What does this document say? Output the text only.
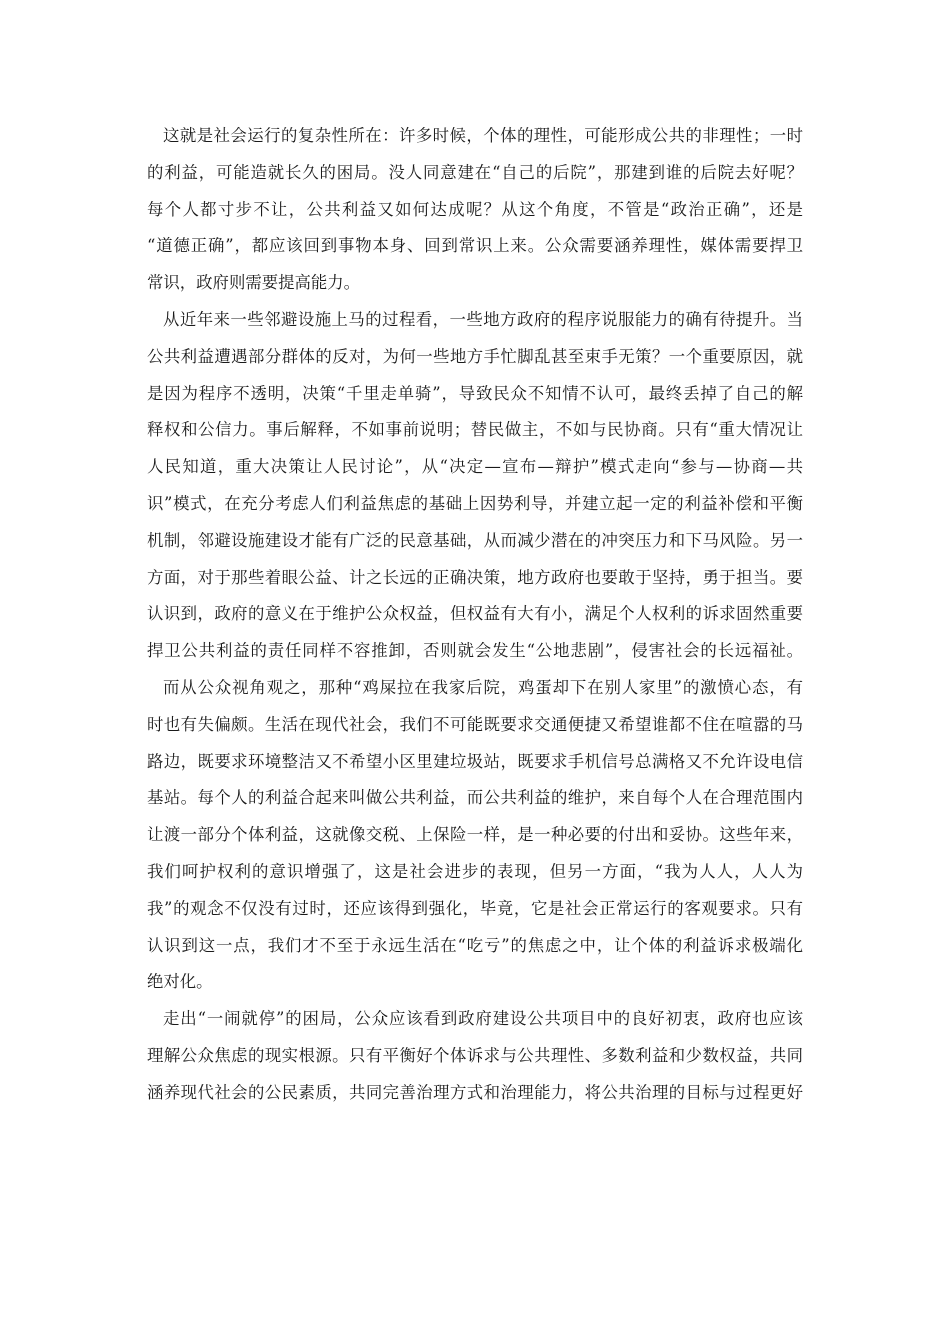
这就是社会运行的复杂性所在：许多时候，个体的理性，可能形成公共的非理性；一时
的利益，可能造就长久的困局。没人同意建在“自己的后院”，那建到谁的后院去好呢？
每个人都寸步不让，公共利益又如何达成呢？从这个角度，不管是“政治正确”，还是
“道德正确”，都应该回到事物本身、回到常识上来。公众需要涵养理性，媒体需要捍卫
常识，政府则需要提高能力。
从近年来一些邻避设施上马的过程看，一些地方政府的程序说服能力的确有待提升。当
公共利益遭遇部分群体的反对，为何一些地方手忙脚乱甚至束手无策？一个重要原因，就
是因为程序不透明，决策“千里走单骑”，导致民众不知情不认可，最终丢掉了自己的解
释权和公信力。事后解释，不如事前说明；替民做主，不如与民协商。只有“重大情况让
人民知道，重大决策让人民讨论”，从“决定—宣布—辩护”模式走向“参与—协商—共
识”模式，在充分考虑人们利益焦虑的基础上因势利导，并建立起一定的利益补偿和平衡
机制，邻避设施建设才能有广泛的民意基础，从而减少潜在的冲突压力和下马风险。另一
方面，对于那些着眼公益、计之长远的正确决策，地方政府也要敢于坚持，勇于担当。要
认识到，政府的意义在于维护公众权益，但权益有大有小，满足个人权利的诉求固然重要
捍卫公共利益的责任同样不容推卸，否则就会发生“公地悲剧”，侵害社会的长远福祉。
而从公众视角观之，那种“鸡屎拉在我家后院，鸡蛋却下在别人家里”的激愤心态，有
时也有失偏颇。生活在现代社会，我们不可能既要求交通便捷又希望谁都不住在喧嚣的马
路边，既要求环境整洁又不希望小区里建垃圾站，既要求手机信号总满格又不允许设电信
基站。每个人的利益合起来叫做公共利益，而公共利益的维护，来自每个人在合理范围内
让渡一部分个体利益，这就像交税、上保险一样，是一种必要的付出和妥协。这些年来，
我们呵护权利的意识增强了，这是社会进步的表现，但另一方面，“我为人人，人人为
我”的观念不仅没有过时，还应该得到强化，毕竟，它是社会正常运行的客观要求。只有
认识到这一点，我们才不至于永远生活在“吃亏”的焦虑之中，让个体的利益诉求极端化
绝对化。
走出“一闹就停”的困局，公众应该看到政府建设公共项目中的良好初衷，政府也应该
理解公众焦虑的现实根源。只有平衡好个体诉求与公共理性、多数利益和少数权益，共同
涵养现代社会的公民素质，共同完善治理方式和治理能力，将公共治理的目标与过程更好
